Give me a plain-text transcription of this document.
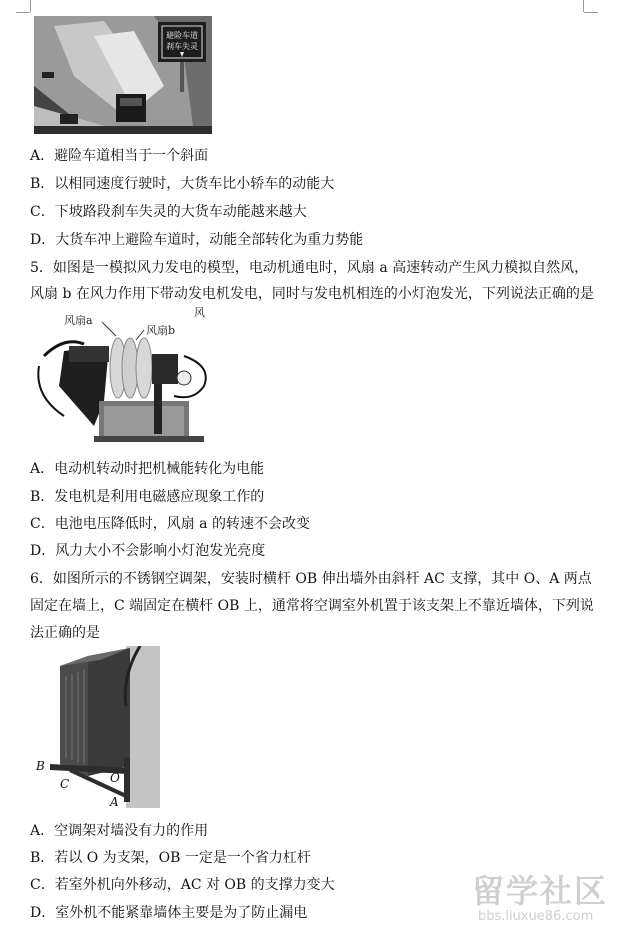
避险车道
刹车失灵
A．避险车道相当于一个斜面
B．以相同速度行驶时，大货车比小轿车的动能大
C．下坡路段刹车失灵的大货车动能越来越大
D．大货车冲上避险车道时，动能全部转化为重力势能
5．如图是一模拟风力发电的模型，电动机通电时，风扇 a 高速转动产生风力模拟自然风，
风扇 b 在风力作用下带动发电机发电，同时与发电机相连的小灯泡发光，下列说法正确的是
风扇a
风扇b
风
A．电动机转动时把机械能转化为电能
B．发电机是利用电磁感应现象工作的
C．电池电压降低时，风扇 a 的转速不会改变
D．风力大小不会影响小灯泡发光亮度
6．如图所示的不锈钢空调架，安装时横杆 OB 伸出墙外由斜杆 AC 支撑，其中 O、A 两点
固定在墙上，C 端固定在横杆 OB 上，通常将空调室外机置于该支架上不靠近墙体，下列说
法正确的是
B
C	O
A
A．空调架对墙没有力的作用
B．若以 O 为支架，OB 一定是一个省力杠杆
C．若室外机向外移动，AC 对 OB 的支撑力变大
D．室外机不能紧靠墙体主要是为了防止漏电
留学社区
bbs.liuxue86.com
